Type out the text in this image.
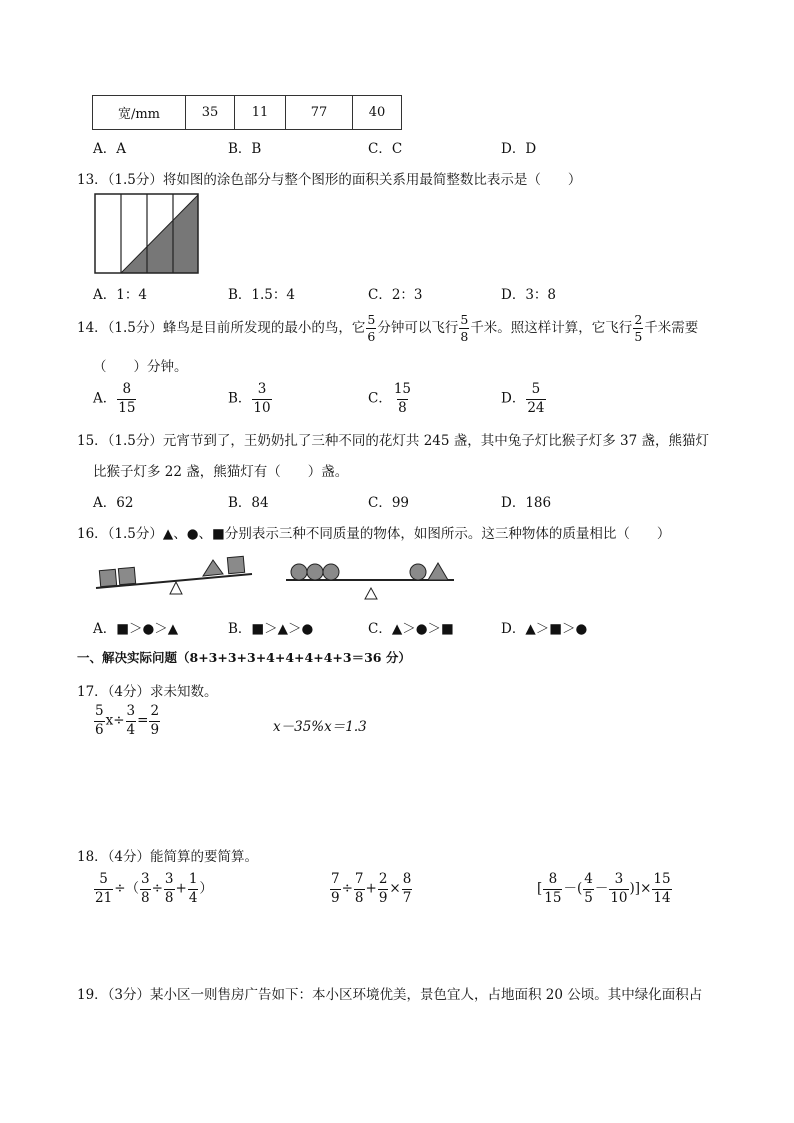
宽/mm	35	11	77	40
A．A	B．B	C．C	D．D
13．（1.5分）将如图的涂色部分与整个图形的面积关系用最简整数比表示是（　　）
A．1：4	B．1.5：4	C．2：3	D．3：8
14．（1.5分）蜂鸟是目前所发现的最小的鸟，它 $\frac{5}{6}$ 分钟可以飞行 $\frac{5}{8}$ 千米。照这样计算，它飞行 $\frac{2}{5}$ 千米需要
（　　）分钟。
A． $\frac{8}{15}$	B． $\frac{3}{10}$	C． $\frac{15}{8}$	D． $\frac{5}{24}$
15．（1.5分）元宵节到了，王奶奶扎了三种不同的花灯共 245 盏，其中兔子灯比猴子灯多 37 盏，熊猫灯
比猴子灯多 22 盏，熊猫灯有（　　）盏。
A．62	B．84	C．99	D．186
16．（1.5分）▲、●、■分别表示三种不同质量的物体，如图所示。这三种物体的质量相比（　　）
A．■＞●＞▲	B．■＞▲＞●	C．▲＞●＞■	D．▲＞■＞●
一、解决实际问题（8+3+3+3+4+4+4+4+3＝36 分）
17．（4分）求未知数。
$\frac{5}{6} x\div \frac{3}{4} = \frac{2}{9}$	x－35%x＝1.3
18．（4分）能简算的要简算。
$\frac{5}{21}$ ÷（ $\frac{3}{8} \div \frac{3}{8} + \frac{1}{4}$ ）	$\frac{7}{9} \div \frac{7}{8} + \frac{2}{9} \times \frac{8}{7}$	[ $\frac{8}{15}$ －( $\frac{4}{5} - \frac{3}{10}$ )]× $\frac{15}{14}$
19．（3分）某小区一则售房广告如下：本小区环境优美，景色宜人，占地面积 20 公顷。其中绿化面积占
